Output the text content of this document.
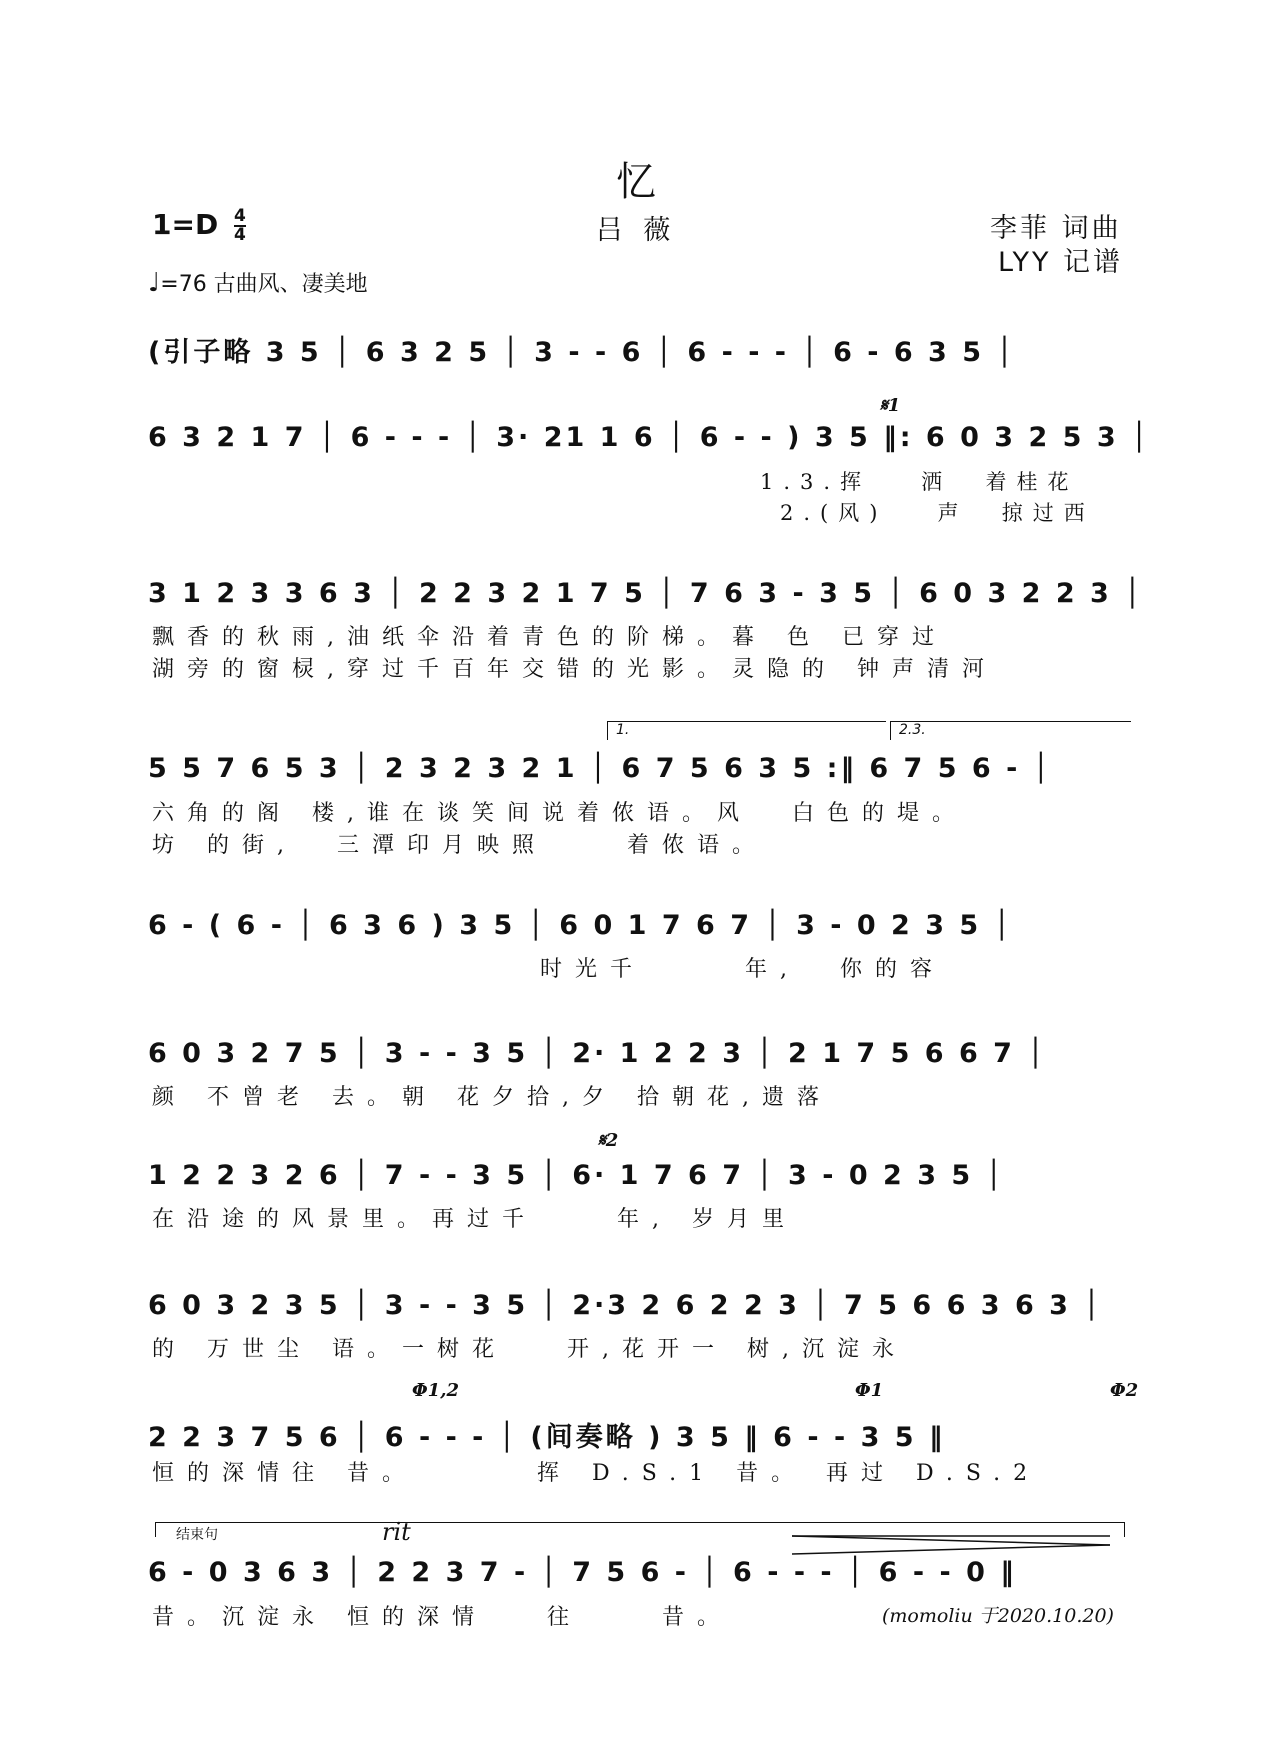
忆
吕 薇
$1=D \frac{4}{4}$	李菲 词曲
LYY 记谱
♩=76 古曲风、凄美地
(引子略 3 5 │ 6 3 2 5 │ 3 - - 6 │ 6 - - - │ 6 - 6 3 5 │
𝄋1
6 3 2 1 7 │ 6 - - - │ 3· 21 1 6 │ 6 - - ) 3 5 ‖: 6 0 3 2 5 3 │
1.3.挥   洒  着桂花
2.(风)   声  掠过西
3 1 2 3 3 6 3 │ 2 2 3 2 1 7 5 │ 7 6 3 - 3 5 │ 6 0 3 2 2 3 │
飘香的秋雨,油纸伞沿着青色的阶梯。暮 色 已穿过
湖旁的窗棂,穿过千百年交错的光影。灵隐的 钟声清河
1.	2.3.
5 5 7 6 5 3 │ 2 3 2 3 2 1 │ 6 7 5 6 3 5 :‖ 6 7 5 6 - │
六角的阁 楼,谁在谈笑间说着侬语。风  白色的堤。
坊 的街,  三潭印月映照    着侬语。
6 - ( 6 - │ 6 3 6 ) 3 5 │ 6 0 1 7 6 7 │ 3 - 0 2 3 5 │
时光千     年,  你的容
6 0 3 2 7 5 │ 3 - - 3 5 │ 2· 1 2 2 3 │ 2 1 7 5 6 6 7 │
颜 不曾老 去。朝 花夕拾,夕 拾朝花,遗落
𝄋2
1 2 2 3 2 6 │ 7 - - 3 5 │ 6· 1 7 6 7 │ 3 - 0 2 3 5 │
在沿途的风景里。再过千    年, 岁月里
6 0 3 2 3 5 │ 3 - - 3 5 │ 2·3 2 6 2 2 3 │ 7 5 6 6 3 6 3 │
的 万世尘 语。一树花   开,花开一 树,沉淀永
Φ1,2	Φ1	Φ2
2 2 3 7 5 6 │ 6 - - - │ (间奏略 ) 3 5 ‖ 6 - - 3 5 ‖
恒的深情往 昔。      挥 D.S.1 昔。 再过 D.S.2
结束句	rit
6 - 0 3 6 3 │ 2 2 3 7 - │ 7 5 6 - │ 6 - - - │ 6 - - 0 ‖
昔。沉淀永 恒的深情   往    昔。	(momoliu 于2020.10.20)
